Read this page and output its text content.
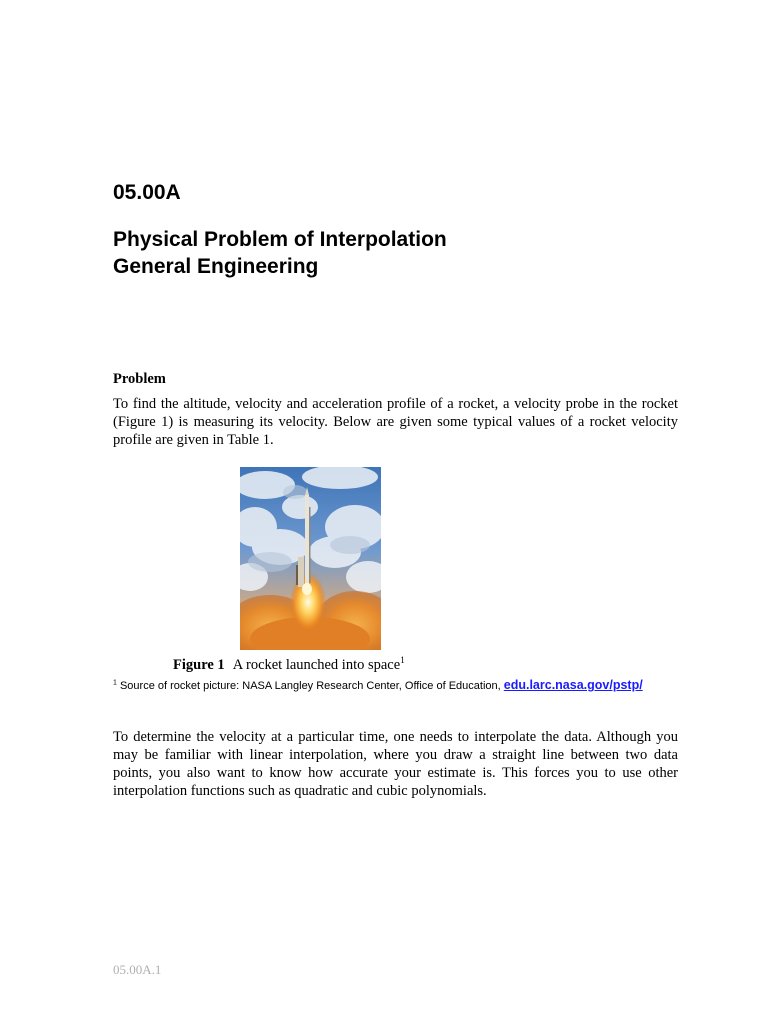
05.00A
Physical Problem of Interpolation
General Engineering
Problem

To find the altitude, velocity and acceleration profile of a rocket, a velocity probe in the rocket (Figure 1) is measuring its velocity. Below are given some typical values of a rocket velocity profile are given in Table 1.

Figure 1 A rocket launched into space$^1$
$^1$ Source of rocket picture: NASA Langley Research Center, Office of Education, edu.larc.nasa.gov/pstp/

To determine the velocity at a particular time, one needs to interpolate the data. Although you may be familiar with linear interpolation, where you draw a straight line between two data points, you also want to know how accurate your estimate is. This forces you to use other interpolation functions such as quadratic and cubic polynomials.

05.00A.1
